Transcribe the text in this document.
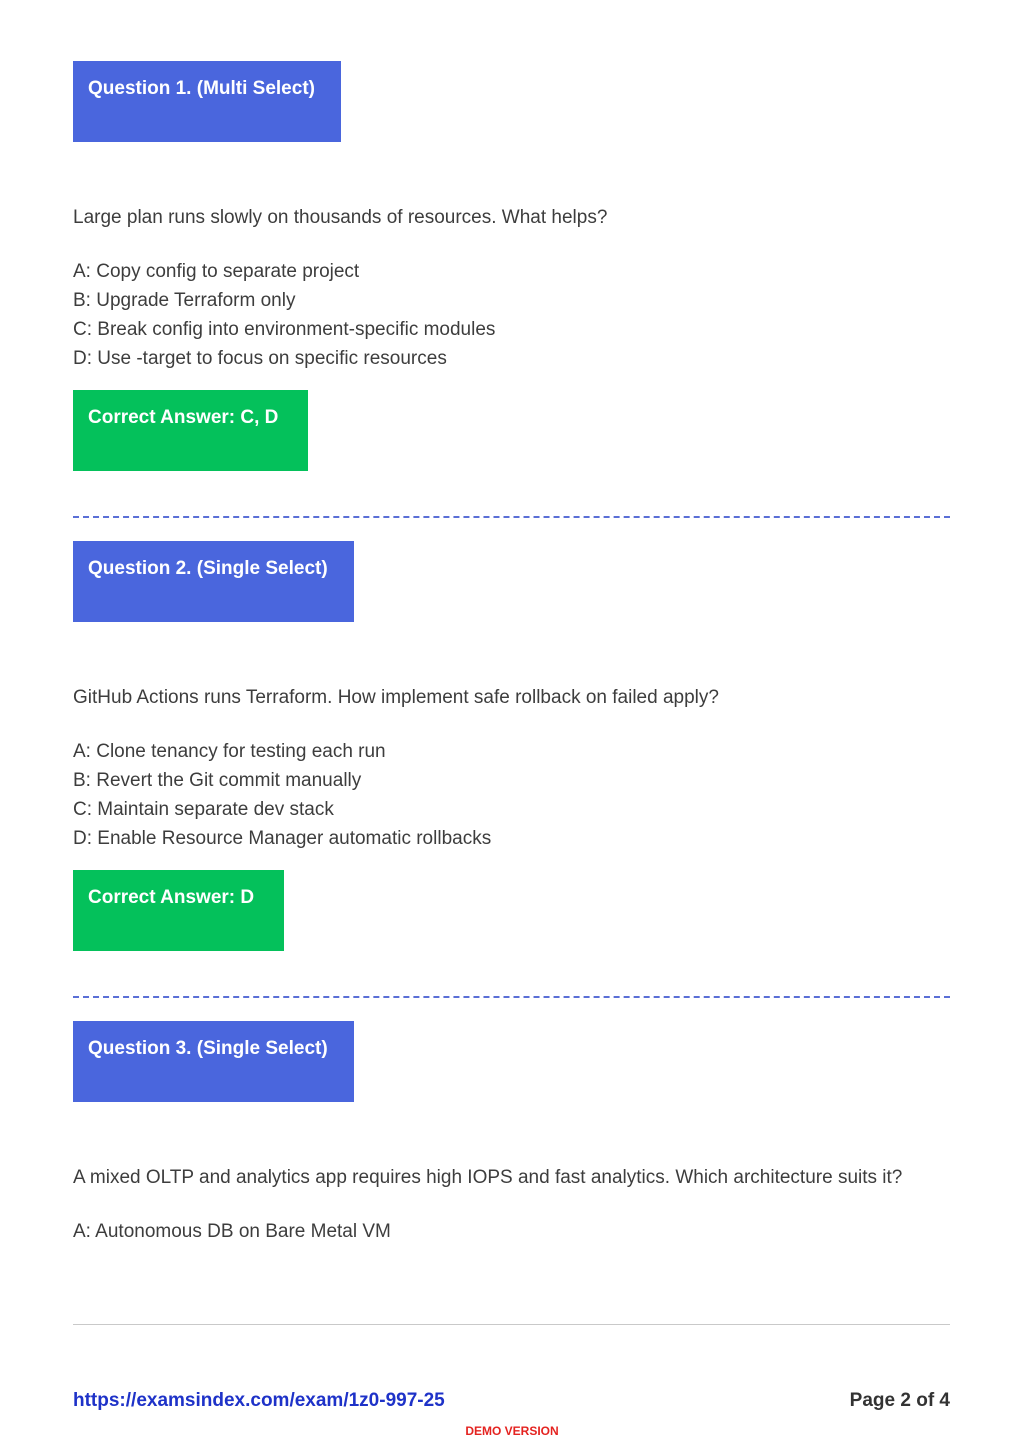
Question 1. (Multi Select)
Large plan runs slowly on thousands of resources. What helps?
A: Copy config to separate project
B: Upgrade Terraform only
C: Break config into environment-specific modules
D: Use -target to focus on specific resources
Correct Answer: C, D
Question 2. (Single Select)
GitHub Actions runs Terraform. How implement safe rollback on failed apply?
A: Clone tenancy for testing each run
B: Revert the Git commit manually
C: Maintain separate dev stack
D: Enable Resource Manager automatic rollbacks
Correct Answer: D
Question 3. (Single Select)
A mixed OLTP and analytics app requires high IOPS and fast analytics. Which architecture suits it?
A: Autonomous DB on Bare Metal VM
https://examsindex.com/exam/1z0-997-25	Page 2 of 4
DEMO VERSION
